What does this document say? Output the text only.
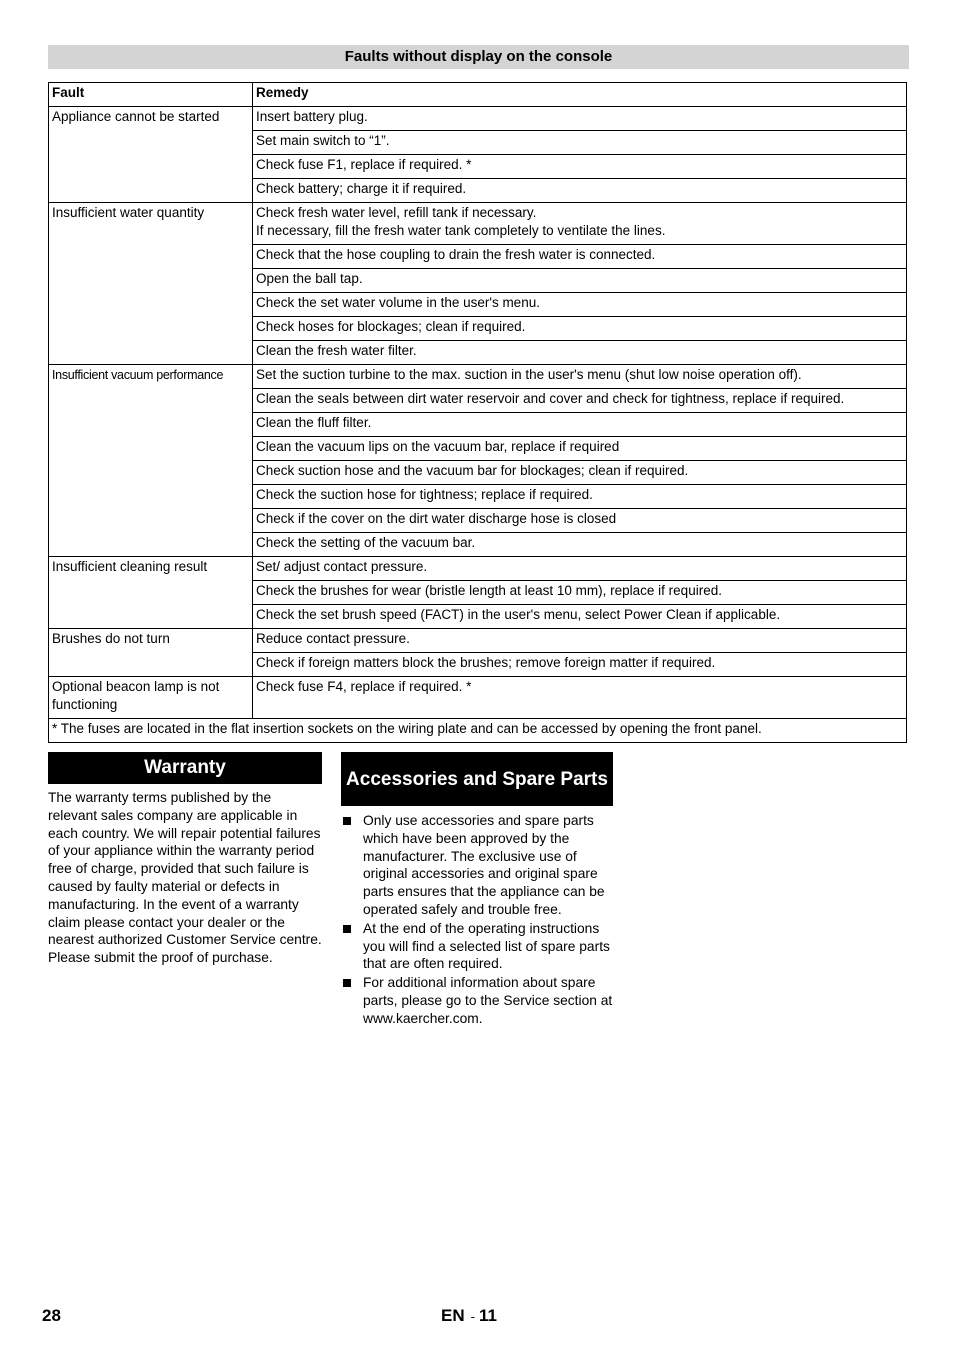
Faults without display on the console
Fault	Remedy
Appliance cannot be started	Insert battery plug.
	Set main switch to “1”.
	Check fuse F1, replace if required. *
	Check battery; charge it if required.
Insufficient water quantity	Check fresh water level, refill tank if necessary.
If necessary, fill the fresh water tank completely to ventilate the lines.
	Check that the hose coupling to drain the fresh water is connected.
	Open the ball tap.
	Check the set water volume in the user's menu.
	Check hoses for blockages; clean if required.
	Clean the fresh water filter.
Insufficient vacuum performance	Set the suction turbine to the max. suction in the user's menu (shut low noise operation off).
	Clean the seals between dirt water reservoir and cover and check for tightness, replace if required.
	Clean the fluff filter.
	Clean the vacuum lips on the vacuum bar, replace if required
	Check suction hose and the vacuum bar for blockages; clean if required.
	Check the suction hose for tightness; replace if required.
	Check if the cover on the dirt water discharge hose is closed
	Check the setting of the vacuum bar.
Insufficient cleaning result	Set/ adjust contact pressure.
	Check the brushes for wear (bristle length at least 10 mm), replace if required.
	Check the set brush speed (FACT) in the user's menu, select Power Clean if applicable.
Brushes do not turn	Reduce contact pressure.
	Check if foreign matters block the brushes; remove foreign matter if required.
Optional beacon lamp is not functioning	Check fuse F4, replace if required. *
* The fuses are located in the flat insertion sockets on the wiring plate and can be accessed by opening the front panel.	
Warranty
The warranty terms published by the relevant sales company are applicable in each country. We will repair potential failures of your appliance within the warranty period free of charge, provided that such failure is caused by faulty material or defects in manufacturing. In the event of a warranty claim please contact your dealer or the nearest authorized Customer Service centre. Please submit the proof of purchase.
Accessories and Spare Parts
Only use accessories and spare parts which have been approved by the manufacturer. The exclusive use of original accessories and original spare parts ensures that the appliance can be operated safely and trouble free.
At the end of the operating instructions you will find a selected list of spare parts that are often required.
For additional information about spare parts, please go to the Service section at www.kaercher.com.
28	EN - 11
